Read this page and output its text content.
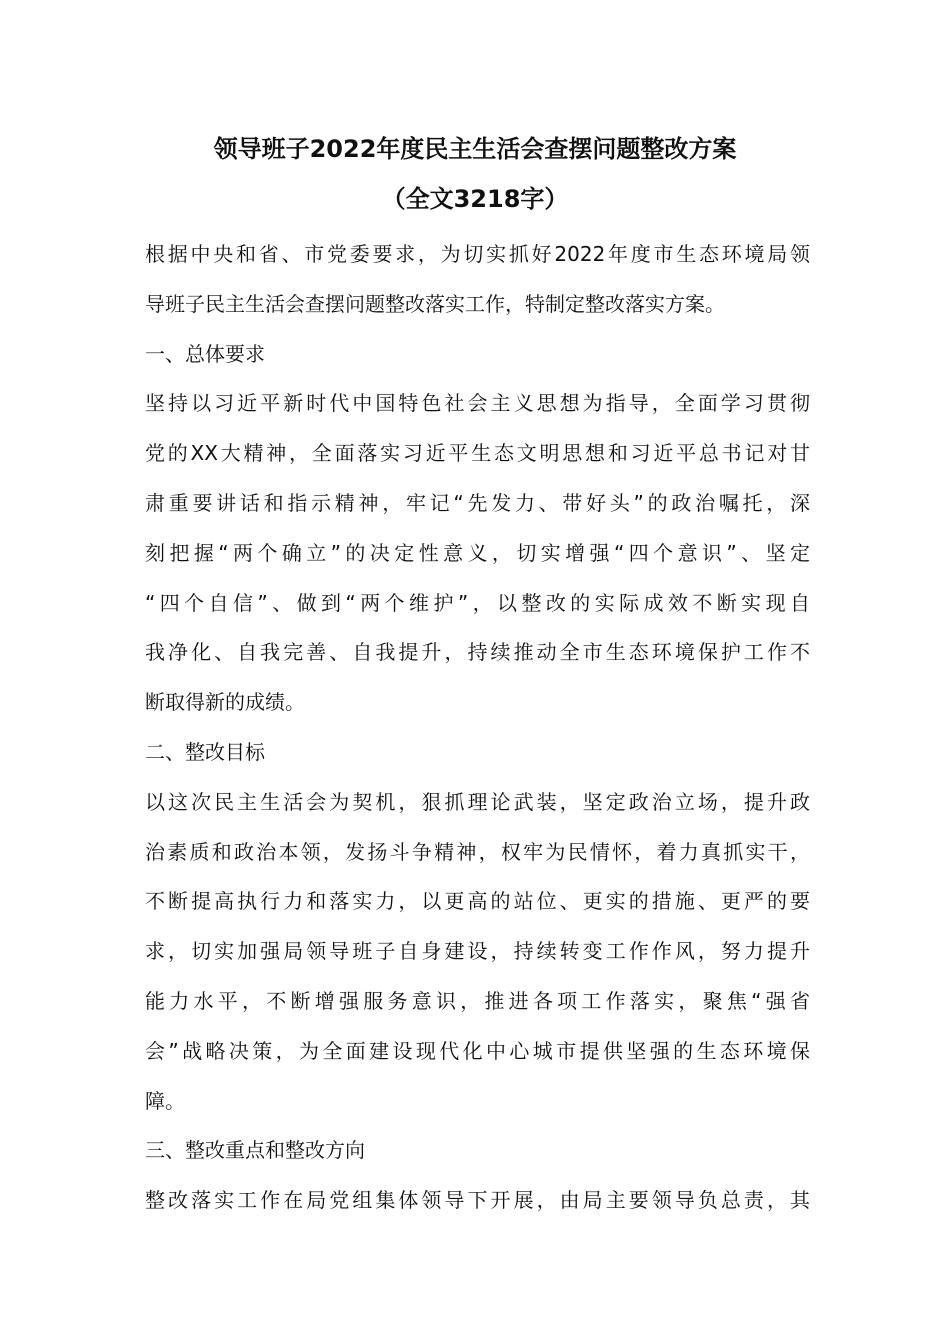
领导班子2022年度民主生活会查摆问题整改方案
（全文3218字）
根据中央和省、市党委要求，为切实抓好2022年度市生态环境局领
导班子民主生活会查摆问题整改落实工作，特制定整改落实方案。
一、总体要求
坚持以习近平新时代中国特色社会主义思想为指导，全面学习贯彻
党的XX大精神，全面落实习近平生态文明思想和习近平总书记对甘
肃重要讲话和指示精神，牢记“先发力、带好头”的政治嘱托，深
刻把握“两个确立”的决定性意义，切实增强“四个意识”、坚定
“四个自信”、做到“两个维护”，以整改的实际成效不断实现自
我净化、自我完善、自我提升，持续推动全市生态环境保护工作不
断取得新的成绩。
二、整改目标
以这次民主生活会为契机，狠抓理论武装，坚定政治立场，提升政
治素质和政治本领，发扬斗争精神，权牢为民情怀，着力真抓实干，
不断提高执行力和落实力，以更高的站位、更实的措施、更严的要
求，切实加强局领导班子自身建设，持续转变工作作风，努力提升
能力水平，不断增强服务意识，推进各项工作落实，聚焦“强省
会”战略决策，为全面建设现代化中心城市提供坚强的生态环境保
障。
三、整改重点和整改方向
整改落实工作在局党组集体领导下开展，由局主要领导负总责，其
